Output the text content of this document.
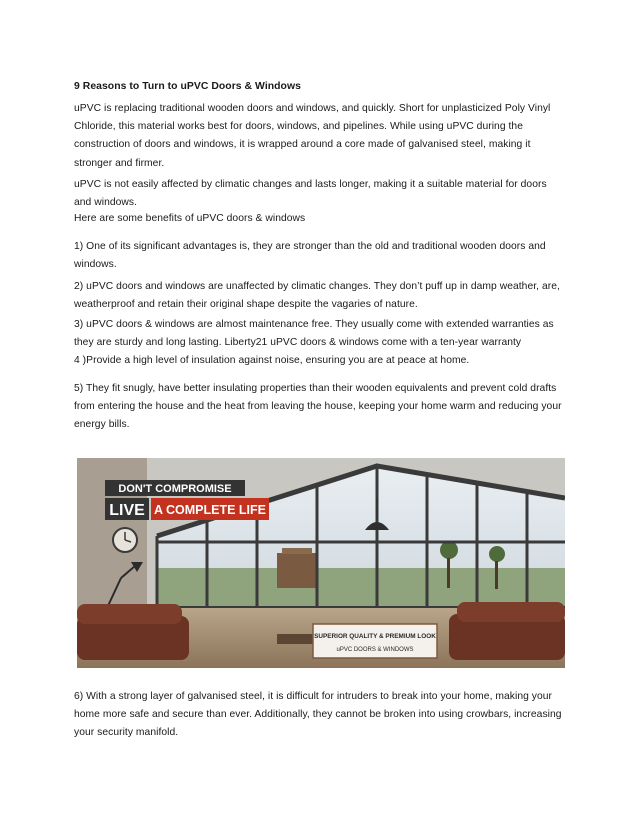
9 Reasons to Turn to uPVC Doors & Windows
uPVC is replacing traditional wooden doors and windows, and quickly. Short for unplasticized Poly Vinyl Chloride, this material works best for doors, windows, and pipelines. While using uPVC during the construction of doors and windows, it is wrapped around a core made of galvanised steel, making it stronger and firmer.
uPVC is not easily affected by climatic changes and lasts longer, making it a suitable material for doors and windows.
Here are some benefits of uPVC doors & windows
1) One of its significant advantages is, they are stronger than the old and traditional wooden doors and windows.
2) uPVC doors and windows are unaffected by climatic changes. They don’t puff up in damp weather, are, weatherproof and retain their original shape despite the vagaries of nature.
3) uPVC doors & windows are almost maintenance free. They usually come with extended warranties as they are sturdy and long lasting. Liberty21 uPVC doors & windows come with a ten-year warranty
4 )Provide a high level of insulation against noise, ensuring you are at peace at home.
5) They fit snugly, have better insulating properties than their wooden equivalents and prevent cold drafts from entering the house and the heat from leaving the house, keeping your home warm and reducing your energy bills.
DON'T COMPROMISE
LIVE A COMPLETE LIFE
SUPERIOR QUALITY & PREMIUM LOOK
uPVC DOORS & WINDOWS
6) With a strong layer of galvanised steel, it is difficult for intruders to break into your home, making your home more safe and secure than ever. Additionally, they cannot be broken into using crowbars, increasing your security manifold.
